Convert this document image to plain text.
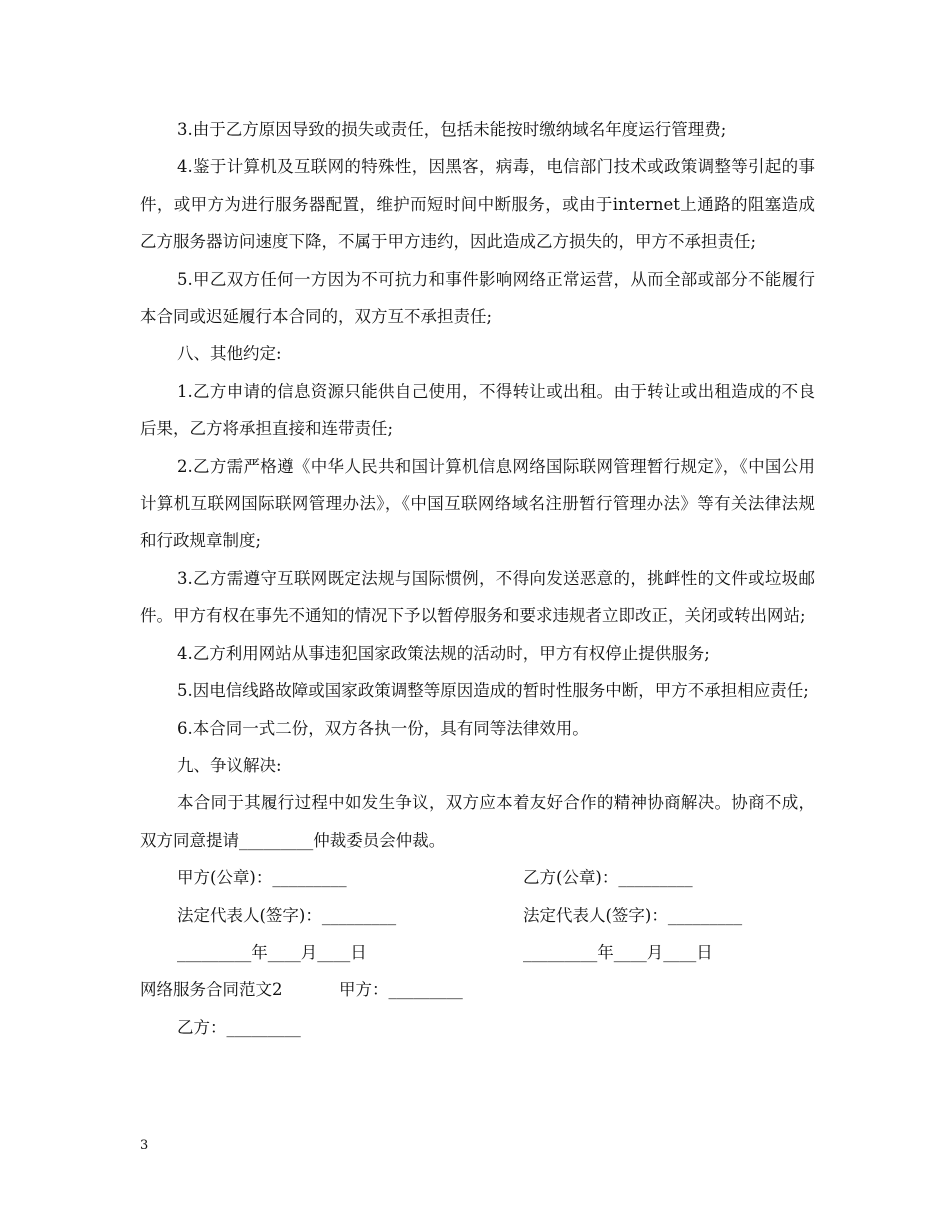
3.由于乙方原因导致的损失或责任，包括未能按时缴纳域名年度运行管理费;

4.鉴于计算机及互联网的特殊性，因黑客，病毒，电信部门技术或政策调整等引起的事件，或甲方为进行服务器配置，维护而短时间中断服务，或由于internet上通路的阻塞造成乙方服务器访问速度下降，不属于甲方违约，因此造成乙方损失的，甲方不承担责任;

5.甲乙双方任何一方因为不可抗力和事件影响网络正常运营，从而全部或部分不能履行本合同或迟延履行本合同的，双方互不承担责任;

八、其他约定:

1.乙方申请的信息资源只能供自己使用，不得转让或出租。由于转让或出租造成的不良后果，乙方将承担直接和连带责任;

2.乙方需严格遵《中华人民共和国计算机信息网络国际联网管理暂行规定》，《中国公用计算机互联网国际联网管理办法》，《中国互联网络域名注册暂行管理办法》等有关法律法规和行政规章制度;

3.乙方需遵守互联网既定法规与国际惯例，不得向发送恶意的，挑衅性的文件或垃圾邮件。甲方有权在事先不通知的情况下予以暂停服务和要求违规者立即改正，关闭或转出网站;

4.乙方利用网站从事违犯国家政策法规的活动时，甲方有权停止提供服务;

5.因电信线路故障或国家政策调整等原因造成的暂时性服务中断，甲方不承担相应责任;

6.本合同一式二份，双方各执一份，具有同等法律效用。

九、争议解决:

本合同于其履行过程中如发生争议，双方应本着友好合作的精神协商解决。协商不成，双方同意提请_________仲裁委员会仲裁。

甲方(公章)：_________

	乙方(公章)：_________

法定代表人(签字)：_________

	法定代表人(签字)：_________

_________年____月____日

	_________年____月____日

网络服务合同范文2

	甲方：_________

乙方：_________

3
